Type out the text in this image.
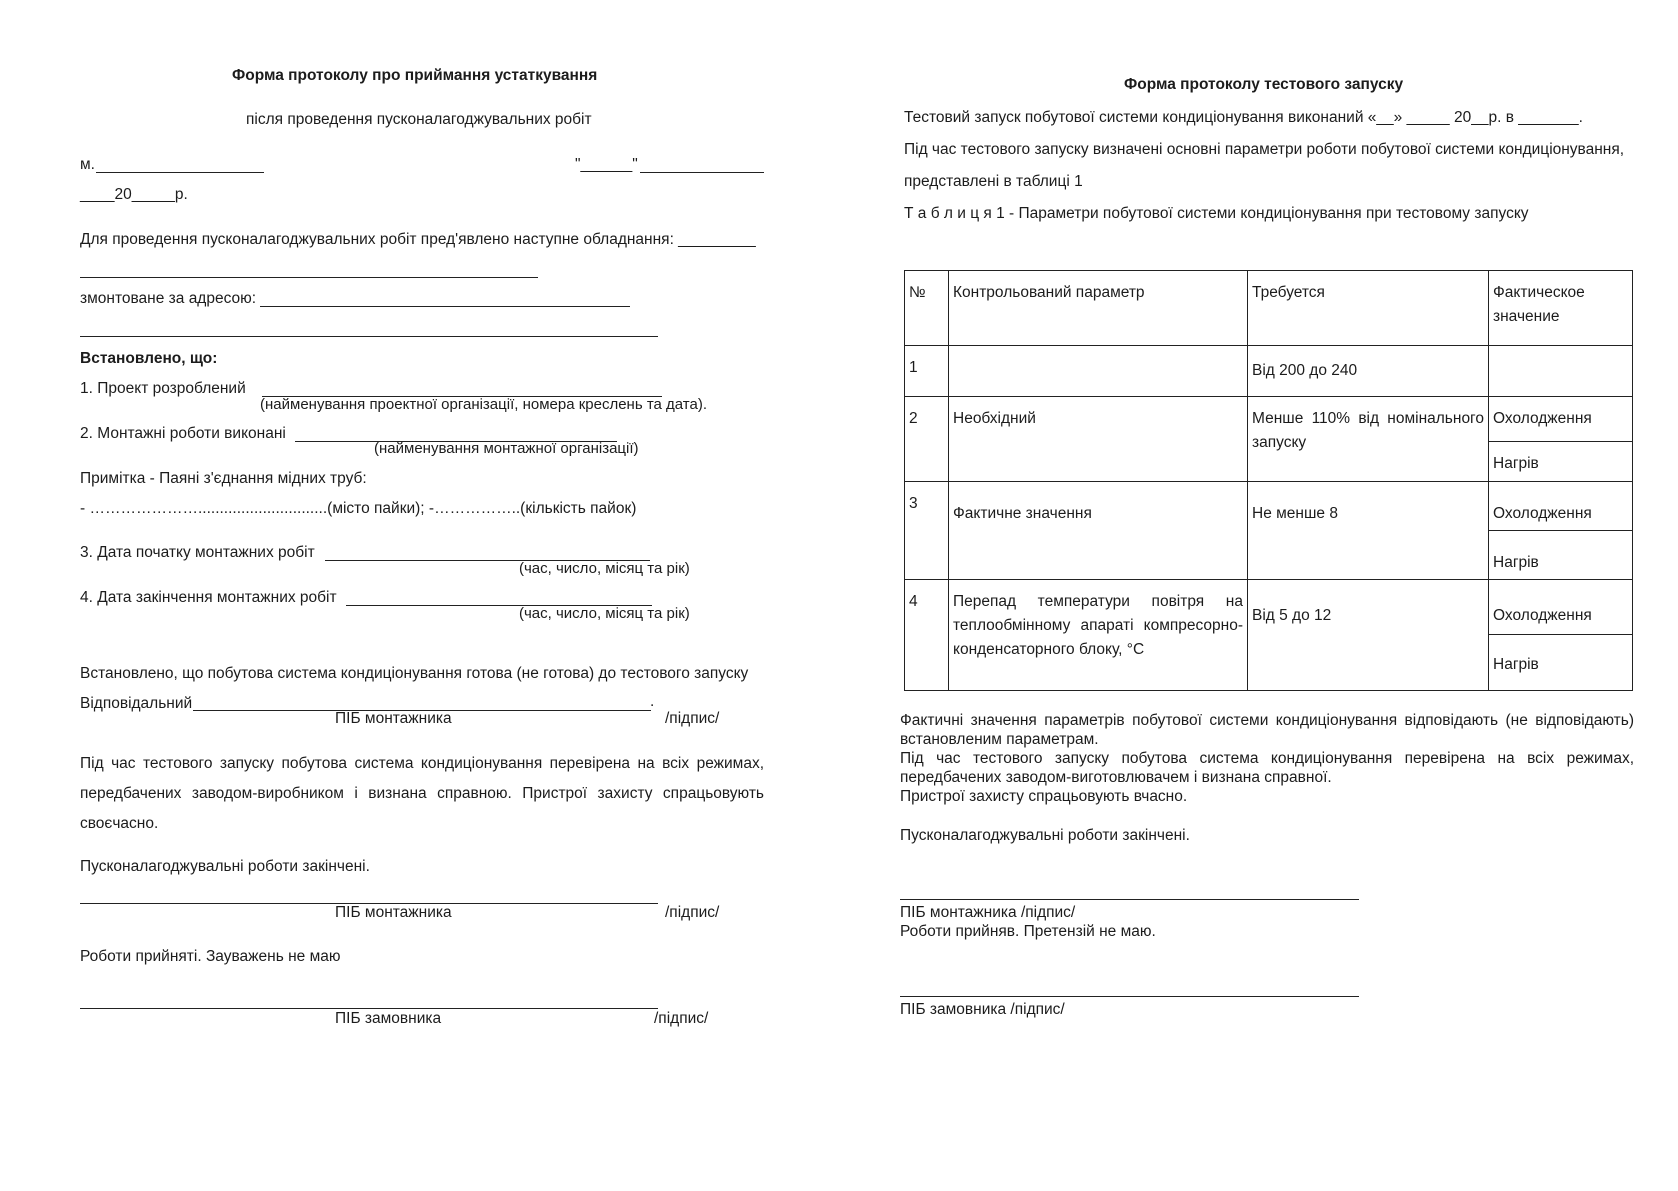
Форма протоколу про приймання устаткування
після проведення пусконалагоджувальних робіт
м.	"______"
____20_____р.
Для проведення пусконалагоджувальних робіт пред'явлено наступне обладнання: _________
змонтоване за адресою:
Встановлено, що:
1. Проект розроблений
(найменування проектної організації, номера креслень та дата).
2. Монтажні роботи виконані
(найменування монтажної організації)
Примітка - Паяні з'єднання мідних труб:
- …………………..............................(місто пайки); -……………..(кількість пайок)
3. Дата початку монтажних робіт
(час, число, місяц та рік)
4. Дата закінчення монтажних робіт
(час, число, місяц та рік)
Встановлено, що побутова система кондиціонування готова (не готова) до тестового запуску
Відповідальний	.
ПІБ монтажника	/підпис/
Під час тестового запуску побутова система кондиціонування перевірена на всіх режимах, передбачених заводом-виробником і визнана справною. Пристрої захисту спрацьовують своєчасно.
Пусконалагоджувальні роботи закінчені.
ПІБ монтажника	/підпис/
Роботи прийняті. Зауважень не маю
ПІБ замовника	/підпис/
Форма протоколу тестового запуску
Тестовий запуск побутової системи кондиціонування виконаний «__» _____ 20__р. в _______.
Під час тестового запуску визначені основні параметри роботи побутової системи кондиціонування,
представлені в таблиці 1
Т а б л и ц я 1 - Параметри побутової системи кондиціонування при тестовому запуску
№	Контрольований параметр	Требуется	Фактическое значение
1		Від 200 до 240	
2	Необхідний	Менше 110% від номінального запуску	Охолодження
			Нагрів
3	Фактичне значення	Не менше 8	Охолодження
			Нагрів
4	Перепад температури повітря на теплообмінному апараті компресорно-конденсаторного блоку, °С	Від 5 до 12	Охолодження
			Нагрів
Фактичні значення параметрів побутової системи кондиціонування відповідають (не відповідають) встановленим параметрам.
Під час тестового запуску побутова система кондиціонування перевірена на всіх режимах, передбачених заводом-виготовлювачем і визнана справної.
Пристрої захисту спрацьовують вчасно.
Пусконалагоджувальні роботи закінчені.
ПІБ монтажника /підпис/
Роботи прийняв. Претензій не маю.
ПІБ замовника /підпис/
